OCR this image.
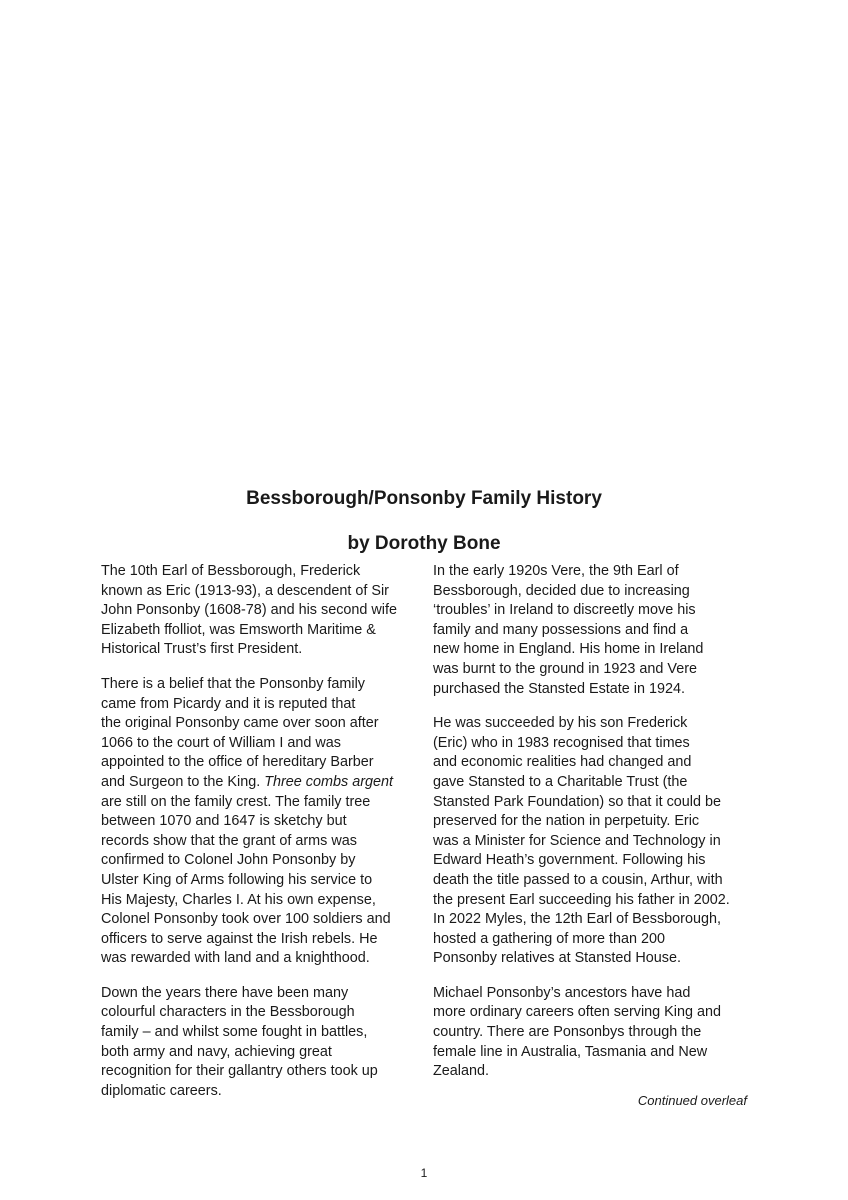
Bessborough/Ponsonby Family History
by Dorothy Bone

The 10th Earl of Bessborough, Frederick
known as Eric (1913-93), a descendent of Sir
John Ponsonby (1608-78) and his second wife
Elizabeth ffolliot, was Emsworth Maritime &
Historical Trust’s first President.

There is a belief that the Ponsonby family
came from Picardy and it is reputed that
the original Ponsonby came over soon after
1066 to the court of William I and was
appointed to the office of hereditary Barber
and Surgeon to the King. Three combs argent
are still on the family crest. The family tree
between 1070 and 1647 is sketchy but
records show that the grant of arms was
confirmed to Colonel John Ponsonby by
Ulster King of Arms following his service to
His Majesty, Charles I. At his own expense,
Colonel Ponsonby took over 100 soldiers and
officers to serve against the Irish rebels. He
was rewarded with land and a knighthood.

Down the years there have been many
colourful characters in the Bessborough
family – and whilst some fought in battles,
both army and navy, achieving great
recognition for their gallantry others took up
diplomatic careers.

In the early 1920s Vere, the 9th Earl of
Bessborough, decided due to increasing
‘troubles’ in Ireland to discreetly move his
family and many possessions and find a
new home in England. His home in Ireland
was burnt to the ground in 1923 and Vere
purchased the Stansted Estate in 1924.

He was succeeded by his son Frederick
(Eric) who in 1983 recognised that times
and economic realities had changed and
gave Stansted to a Charitable Trust (the
Stansted Park Foundation) so that it could be
preserved for the nation in perpetuity. Eric
was a Minister for Science and Technology in
Edward Heath’s government. Following his
death the title passed to a cousin, Arthur, with
the present Earl succeeding his father in 2002.
In 2022 Myles, the 12th Earl of Bessborough,
hosted a gathering of more than 200
Ponsonby relatives at Stansted House.

Michael Ponsonby’s ancestors have had
more ordinary careers often serving King and
country. There are Ponsonbys through the
female line in Australia, Tasmania and New
Zealand.

Continued overleaf
1
